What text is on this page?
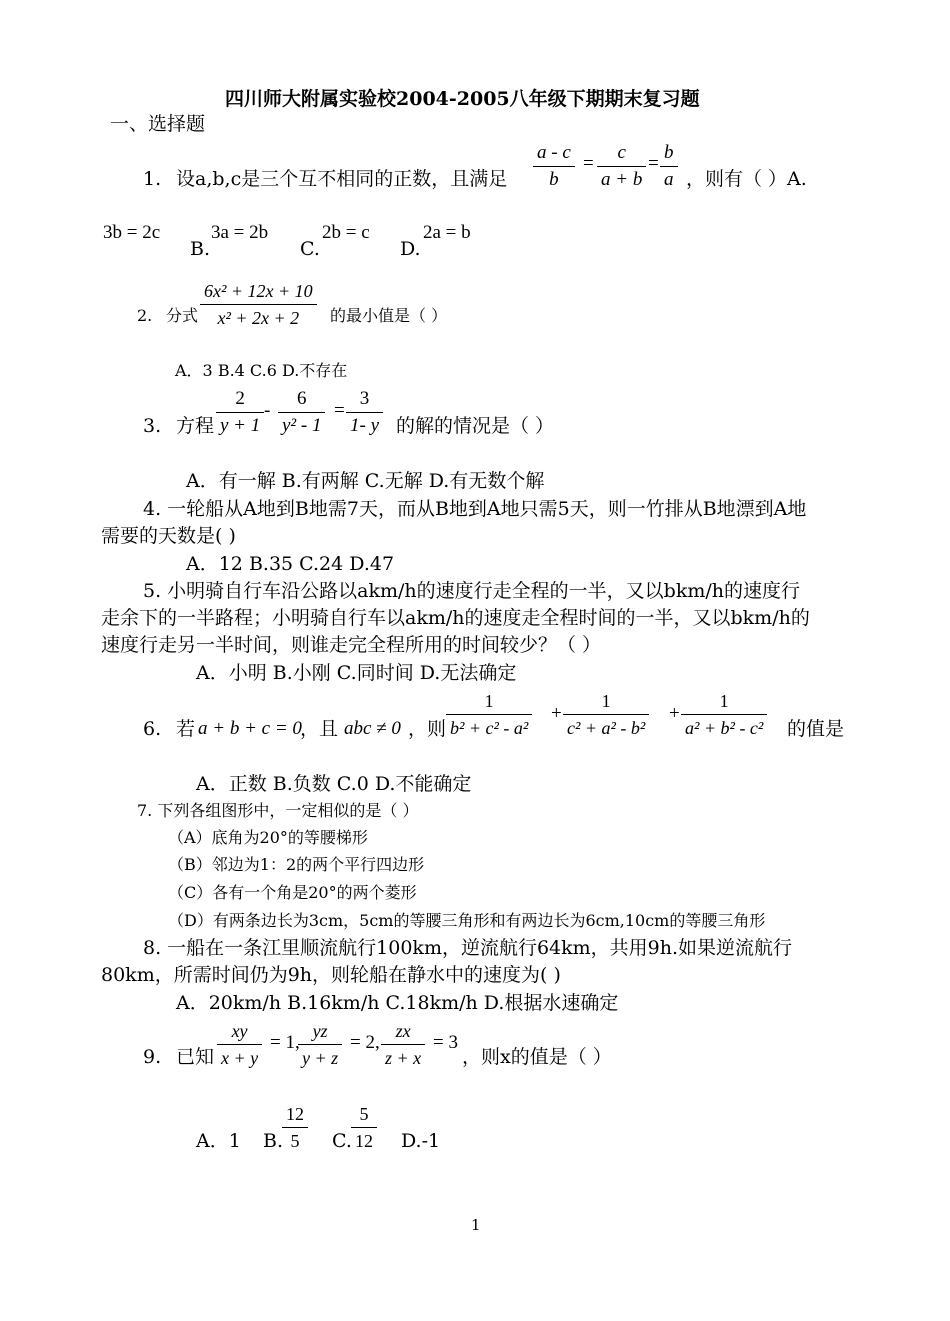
四川师大附属实验校2004-2005八年级下期期末复习题
一、选择题
1. 设a,b,c是三个互不相同的正数，且满足 $\frac{a - c}{b} = \frac{c}{a + b} = \frac{b}{a}$ ，则有（ ）A.
3b = 2c
B.
3a = 2b
C.
2b = c
D.
2a = b
2. 分式 $\frac{\text{6x² + 12x + 10}}{\text{x² + 2x + 2}}$ 的最小值是（ ）
A．3 B.4 C.6 D.不存在
3. 方程 $\frac{2}{y + 1} - \frac{6}{\text{y² - 1}} = \frac{3}{1- y}$ 的解的情况是（ ）
A．有一解 B.有两解 C.无解 D.有无数个解
4. 一轮船从A地到B地需7天，而从B地到A地只需5天，则一竹排从B地漂到A地
需要的天数是( )
A．12 B.35 C.24 D.47
5. 小明骑自行车沿公路以akm/h的速度行走全程的一半，又以bkm/h的速度行
走余下的一半路程；小明骑自行车以akm/h的速度走全程时间的一半，又以bkm/h的
速度行走另一半时间，则谁走完全程所用的时间较少？（ ）
A．小明 B.小刚 C.同时间 D.无法确定
6. 若 a + b + c = 0
，且 abc ≠ 0 ，则 $\frac{1}{\text{b² + c² - a²}} + \frac{1}{\text{c² + a² - b²}} + \frac{1}{\text{a² + b² - c²}}$ 的值是
A．正数 B.负数 C.0 D.不能确定
7. 下列各组图形中，一定相似的是（ ）
（A）底角为20°的等腰梯形
（B）邻边为1：2的两个平行四边形
（C）各有一个角是20°的两个菱形
（D）有两条边长为3cm，5cm的等腰三角形和有两边长为6cm,10cm的等腰三角形
8. 一船在一条江里顺流航行100km，逆流航行64km，共用9h.如果逆流航行
80km，所需时间仍为9h，则轮船在静水中的速度为( )
A．20km/h B.16km/h C.18km/h D.根据水速确定
9. 已知 $\frac{xy}{x + y} = 1$,
$\frac{yz}{y + z} = 2$, $\frac{zx}{z + x} = 3$
，则x的值是（ ）
A．1 B.
$\frac{12}{5} C$. $\frac{5}{12} D.-1$
1
